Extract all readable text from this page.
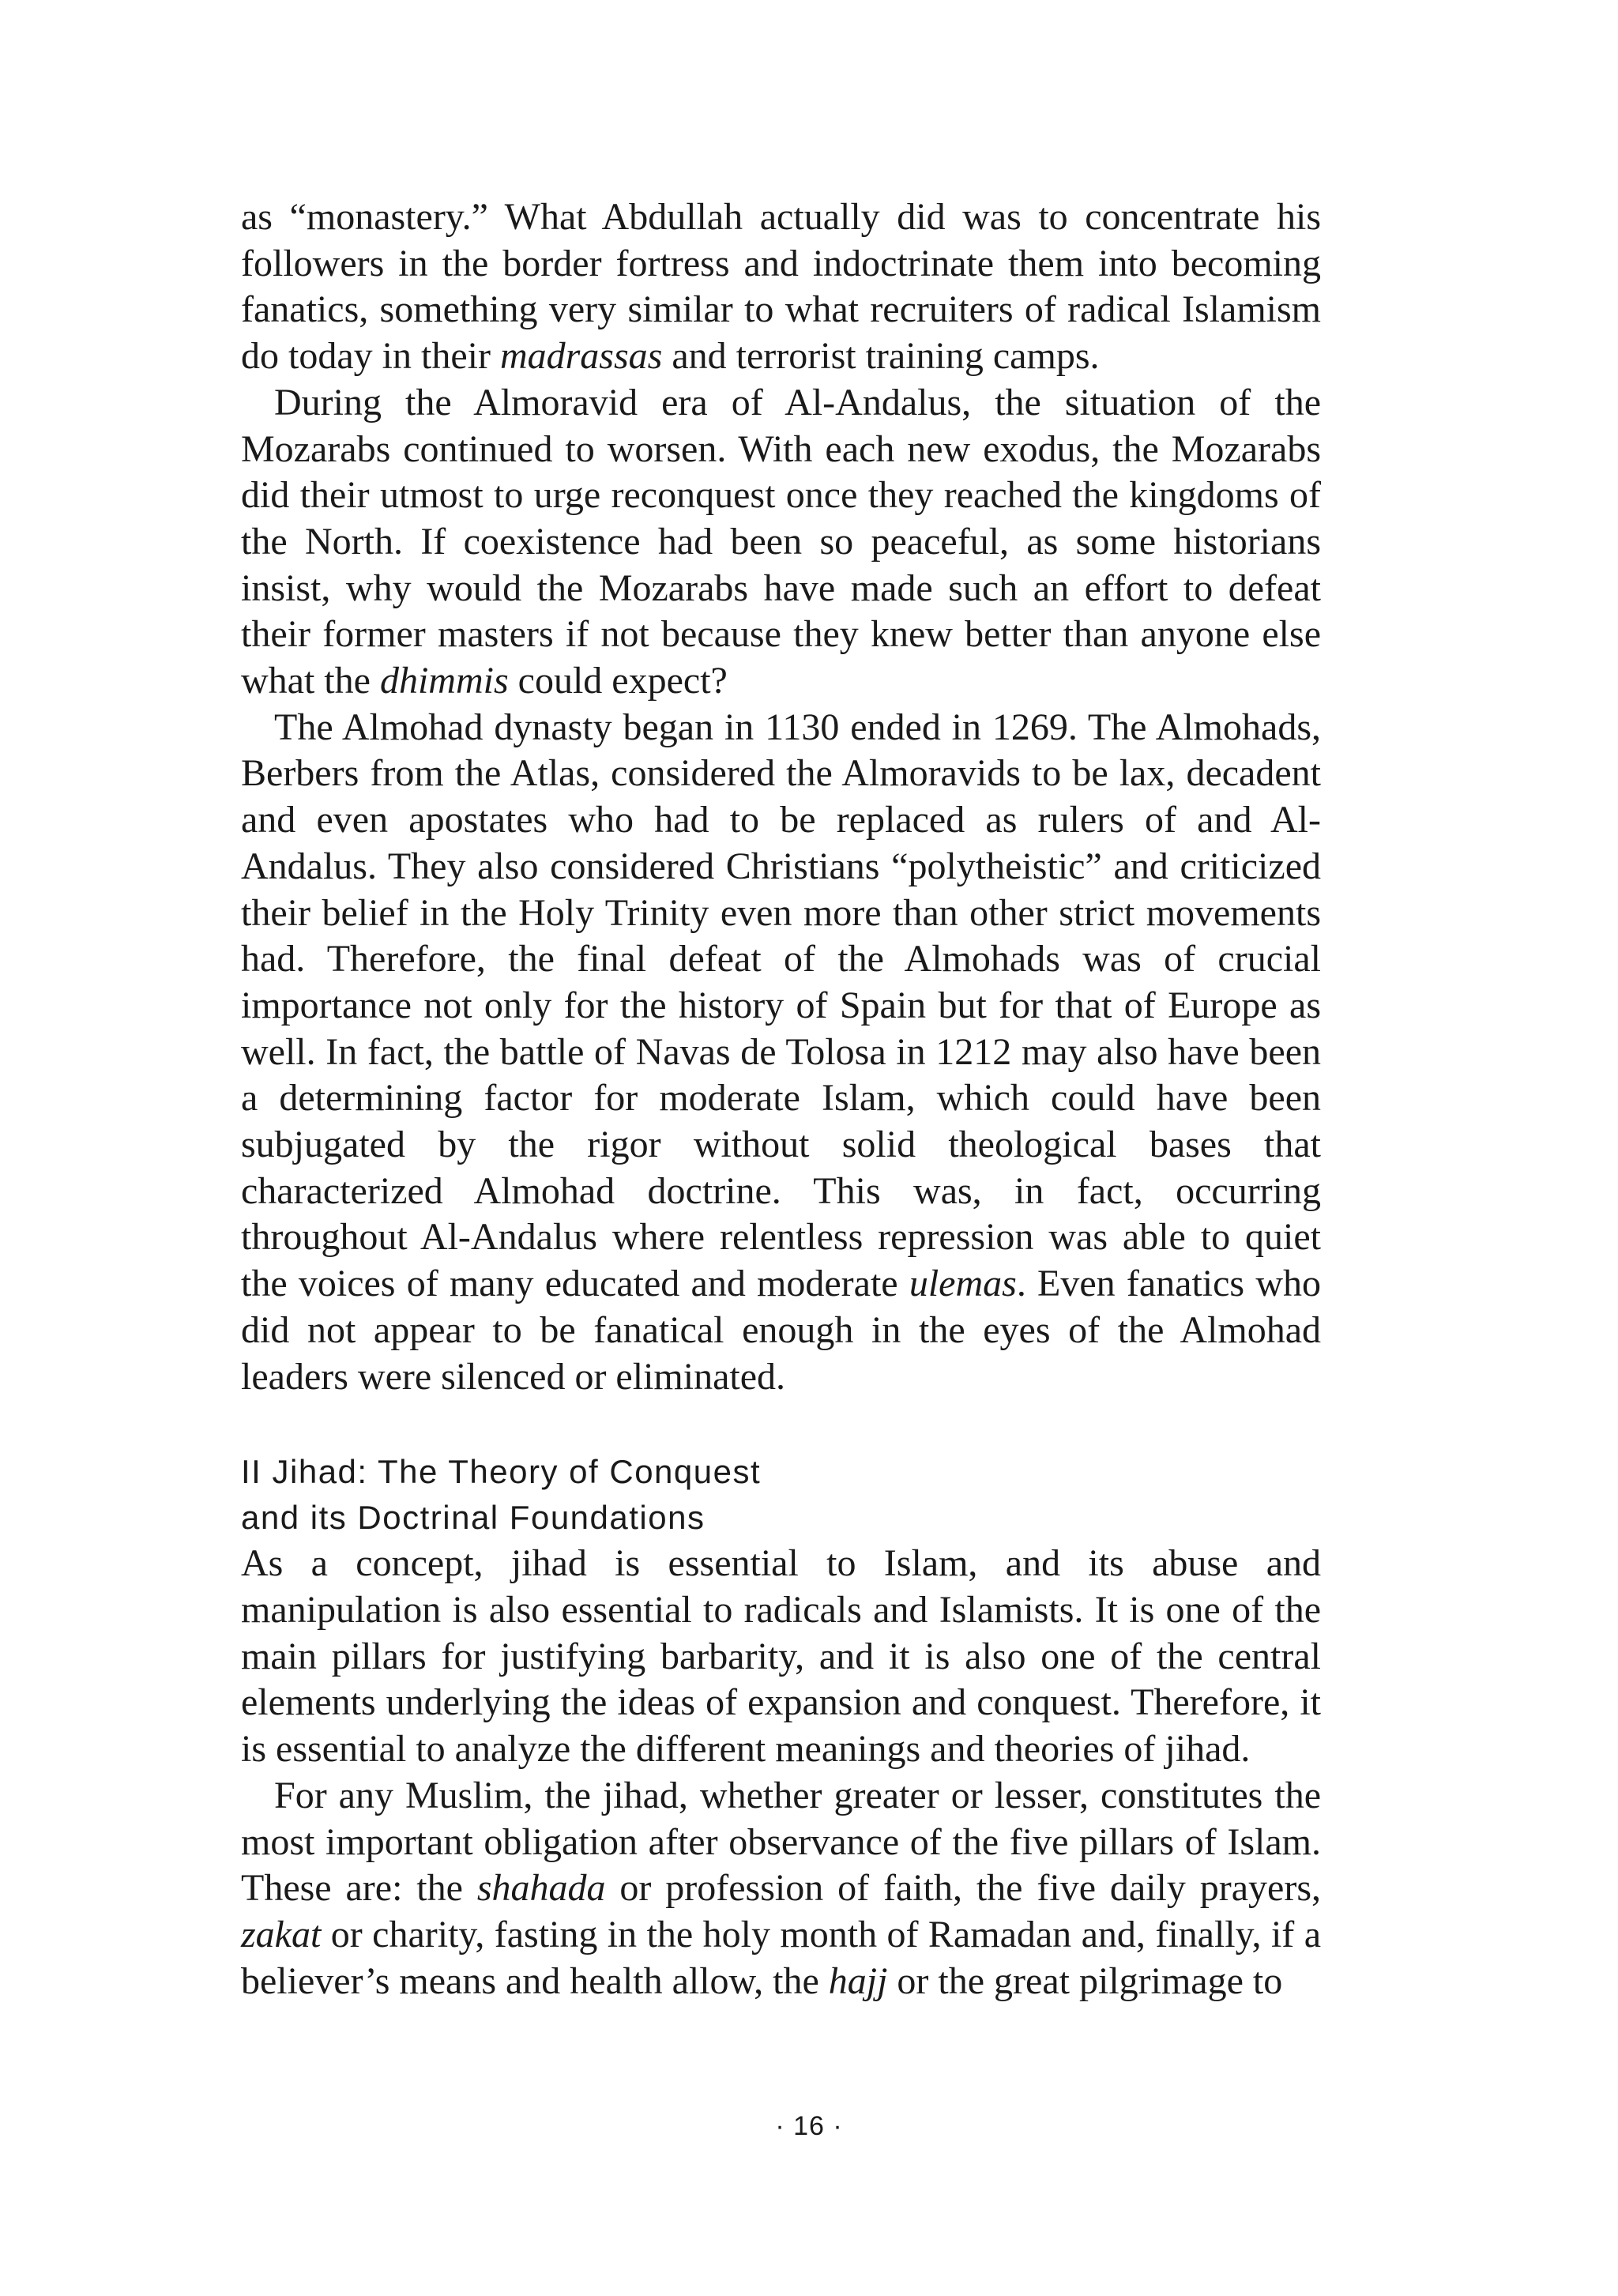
as “monastery.” What Abdullah actually did was to concentrate his followers in the border fortress and indoctrinate them into becoming fanatics, something very similar to what recruiters of radical Islamism do today in their madrassas and terrorist training camps.

During the Almoravid era of Al-Andalus, the situation of the Mozarabs continued to worsen. With each new exodus, the Mozarabs did their utmost to urge reconquest once they reached the kingdoms of the North. If coexistence had been so peaceful, as some historians insist, why would the Mozarabs have made such an effort to defeat their former masters if not because they knew better than anyone else what the dhimmis could expect?

The Almohad dynasty began in 1130 ended in 1269. The Almohads, Berbers from the Atlas, considered the Almoravids to be lax, decadent and even apostates who had to be replaced as rulers of and Al-Andalus. They also considered Christians “polytheistic” and criticized their belief in the Holy Trinity even more than other strict movements had. Therefore, the final defeat of the Almohads was of crucial importance not only for the history of Spain but for that of Europe as well. In fact, the battle of Navas de Tolosa in 1212 may also have been a determining factor for moderate Islam, which could have been subjugated by the rigor without solid theological bases that characterized Almohad doctrine. This was, in fact, occurring throughout Al-Andalus where relentless repression was able to quiet the voices of many educated and moderate ulemas. Even fanatics who did not appear to be fanatical enough in the eyes of the Almohad leaders were silenced or eliminated.

II Jihad: The Theory of Conquest
and its Doctrinal Foundations

As a concept, jihad is essential to Islam, and its abuse and manipulation is also essential to radicals and Islamists. It is one of the main pillars for justifying barbarity, and it is also one of the central elements underlying the ideas of expansion and conquest. Therefore, it is essential to analyze the different meanings and theories of jihad.

For any Muslim, the jihad, whether greater or lesser, constitutes the most important obligation after observance of the five pillars of Islam. These are: the shahada or profession of faith, the five daily prayers, zakat or charity, fasting in the holy month of Ramadan and, finally, if a believer’s means and health allow, the hajj or the great pilgrimage to

· 16 ·
